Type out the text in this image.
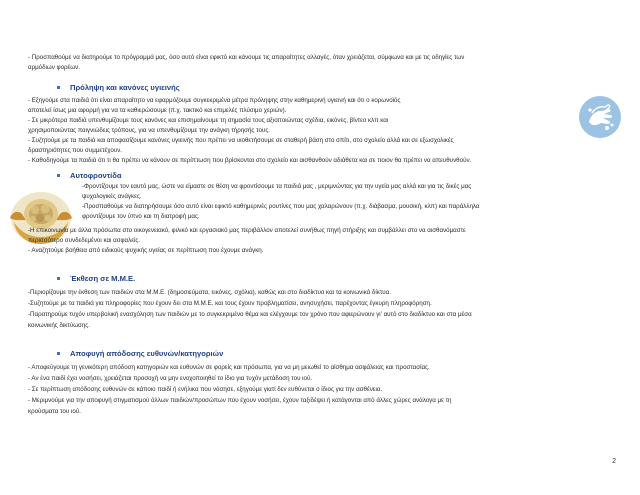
- Προσπαθούμε να διατηρούμε το πρόγραμμά μας, όσο αυτό είναι εφικτό και κάνουμε τις απαραίτητες αλλαγές, όταν χρειάζεται, σύμφωνα και με τις οδηγίες των
αρμόδιων φορέων.
Πρόληψη και κανόνες υγιεινής
- Εξηγούμε στα παιδιά ότι είναι απαραίτητο να εφαρμόζουμε συγκεκριμένα μέτρα πρόληψης στην καθημερινή υγιεινή και ότι ο κορωνοϊός
αποτελεί ίσως μια αφορμή για να τα καθιερώσουμε (π.χ. τακτικό και επιμελές πλύσιμο χεριών).
- Σε μικρότερα παιδιά υπενθυμίζουμε τους κανόνες και επισημαίνουμε τη σημασία τους αξιοποιώντας σχέδια, εικόνες, βίντεο κλπ και
χρησιμοποιώντας παιγνιώδεις τρόπους, για να υπενθυμίζουμε την ανάγκη τήρησής τους.
- Συζητούμε με τα παιδιά και αποφασίζουμε κανόνες υγιεινής που πρέπει να υιοθετήσουμε σε σταθερή βάση στο σπίτι, στο σχολείο αλλά και σε εξωσχολικές
δραστηριότητες που συμμετέχουν.
- Καθοδηγούμε τα παιδιά ότι τι θα πρέπει να κάνουν σε περίπτωση που βρίσκονται στο σχολείο και αισθανθούν αδιάθετα και σε ποιον θα πρέπει να απευθυνθούν.
Αυτοφροντίδα
-Φροντίζουμε τον εαυτό μας, ώστε να είμαστε σε θέση να φροντίσουμε τα παιδιά μας , μεριμνώντας για την υγεία μας αλλά και για τις δικές μας
ψυχολογικές ανάγκες.
-Προσπαθούμε να διατηρήσουμε όσο αυτό είναι εφικτό καθημερινές ρουτίνες που μας χαλαρώνουν (π.χ. διάβασμα, μουσική, κλπ) και παράλληλα
φροντίζουμε τον ύπνο και τη διατροφή μας.
-Η επικοινωνία με άλλα πρόσωπα στο οικογενειακό, φιλικό και εργασιακό μας περιβάλλον αποτελεί συνήθως πηγή στήριξης και συμβάλλει στο να αισθανόμαστε
περισσότερο συνδεδεμένοι και ασφαλείς.
- Αναζητούμε βοήθεια από ειδικούς ψυχικής υγείας σε περίπτωση που έχουμε ανάγκη.
Έκθεση σε Μ.Μ.Ε.
-Περιορίζουμε την έκθεση των παιδιών στα Μ.Μ.Ε. (δημοσιεύματα, εικόνες, σχόλια), καθώς και στο διαδίκτυο και τα κοινωνικά δίκτυα.
-Συζητούμε με τα παιδιά για πληροφορίες που έχουν δει στα Μ.Μ.Ε. και τους έχουν προβληματίσει, ανησυχήσει, παρέχοντας έγκυρη πληροφόρηση.
-Παρατηρούμε τυχόν υπερβολική ενασχόληση των παιδιών με το συγκεκριμένο θέμα και ελέγχουμε τον χρόνο που αφιερώνουν γι' αυτό στο διαδίκτυο και στα μέσα
κοινωνικής δικτύωσης.
Αποφυγή απόδοσης ευθυνών/κατηγοριών
- Αποφεύγουμε τη γενικότερη απόδοση κατηγοριών και ευθυνών σε φορείς και πρόσωπα, για να μη μειωθεί το αίσθημα ασφάλειας και προστασίας.
- Αν ένα παιδί έχει νοσήσει, χρειάζεται προσοχή να μην ενοχοποιηθεί το ίδιο για τυχόν μετάδοση του ιού.
- Σε περίπτωση απόδοσης ευθυνών σε κάποιο παιδί ή ενήλικα που νόσησε, εξηγούμε γιατί δεν ευθύνεται ο ίδιος για την ασθένεια.
- Μεριμνούμε για την αποφυγή στιγματισμού άλλων παιδιών/προσώπων που έχουν νοσήσει, έχουν ταξιδέψει ή κατάγονται από άλλες χώρες ανάλογα με τη
κρούσματα του ιού.
2
